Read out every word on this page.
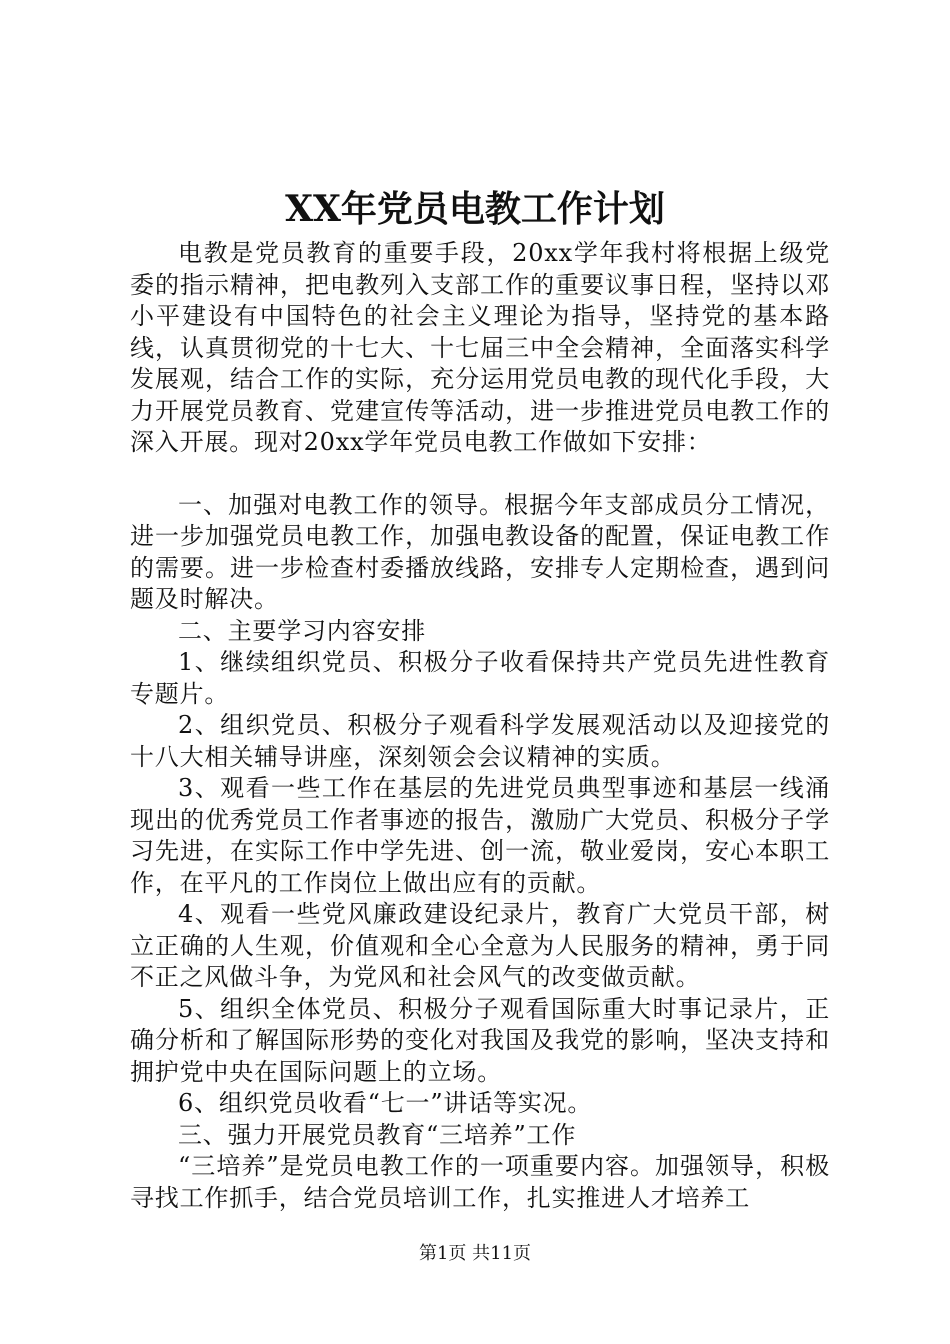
XX年党员电教工作计划

电教是党员教育的重要手段，20xx学年我村将根据上级党委的指示精神，把电教列入支部工作的重要议事日程，坚持以邓小平建设有中国特色的社会主义理论为指导，坚持党的基本路线，认真贯彻党的十七大、十七届三中全会精神，全面落实科学发展观，结合工作的实际，充分运用党员电教的现代化手段，大力开展党员教育、党建宣传等活动，进一步推进党员电教工作的深入开展。现对20xx学年党员电教工作做如下安排：

一、加强对电教工作的领导。根据今年支部成员分工情况，进一步加强党员电教工作，加强电教设备的配置，保证电教工作的需要。进一步检查村委播放线路，安排专人定期检查，遇到问题及时解决。

二、主要学习内容安排

1、继续组织党员、积极分子收看保持共产党员先进性教育专题片。

2、组织党员、积极分子观看科学发展观活动以及迎接党的十八大相关辅导讲座，深刻领会会议精神的实质。

3、观看一些工作在基层的先进党员典型事迹和基层一线涌现出的优秀党员工作者事迹的报告，激励广大党员、积极分子学习先进，在实际工作中学先进、创一流，敬业爱岗，安心本职工作，在平凡的工作岗位上做出应有的贡献。

4、观看一些党风廉政建设纪录片，教育广大党员干部，树立正确的人生观，价值观和全心全意为人民服务的精神，勇于同不正之风做斗争，为党风和社会风气的改变做贡献。

5、组织全体党员、积极分子观看国际重大时事记录片，正确分析和了解国际形势的变化对我国及我党的影响，坚决支持和拥护党中央在国际问题上的立场。

6、组织党员收看“七一”讲话等实况。

三、强力开展党员教育“三培养”工作

“三培养”是党员电教工作的一项重要内容。加强领导，积极寻找工作抓手，结合党员培训工作，扎实推进人才培养工

第1页 共11页
